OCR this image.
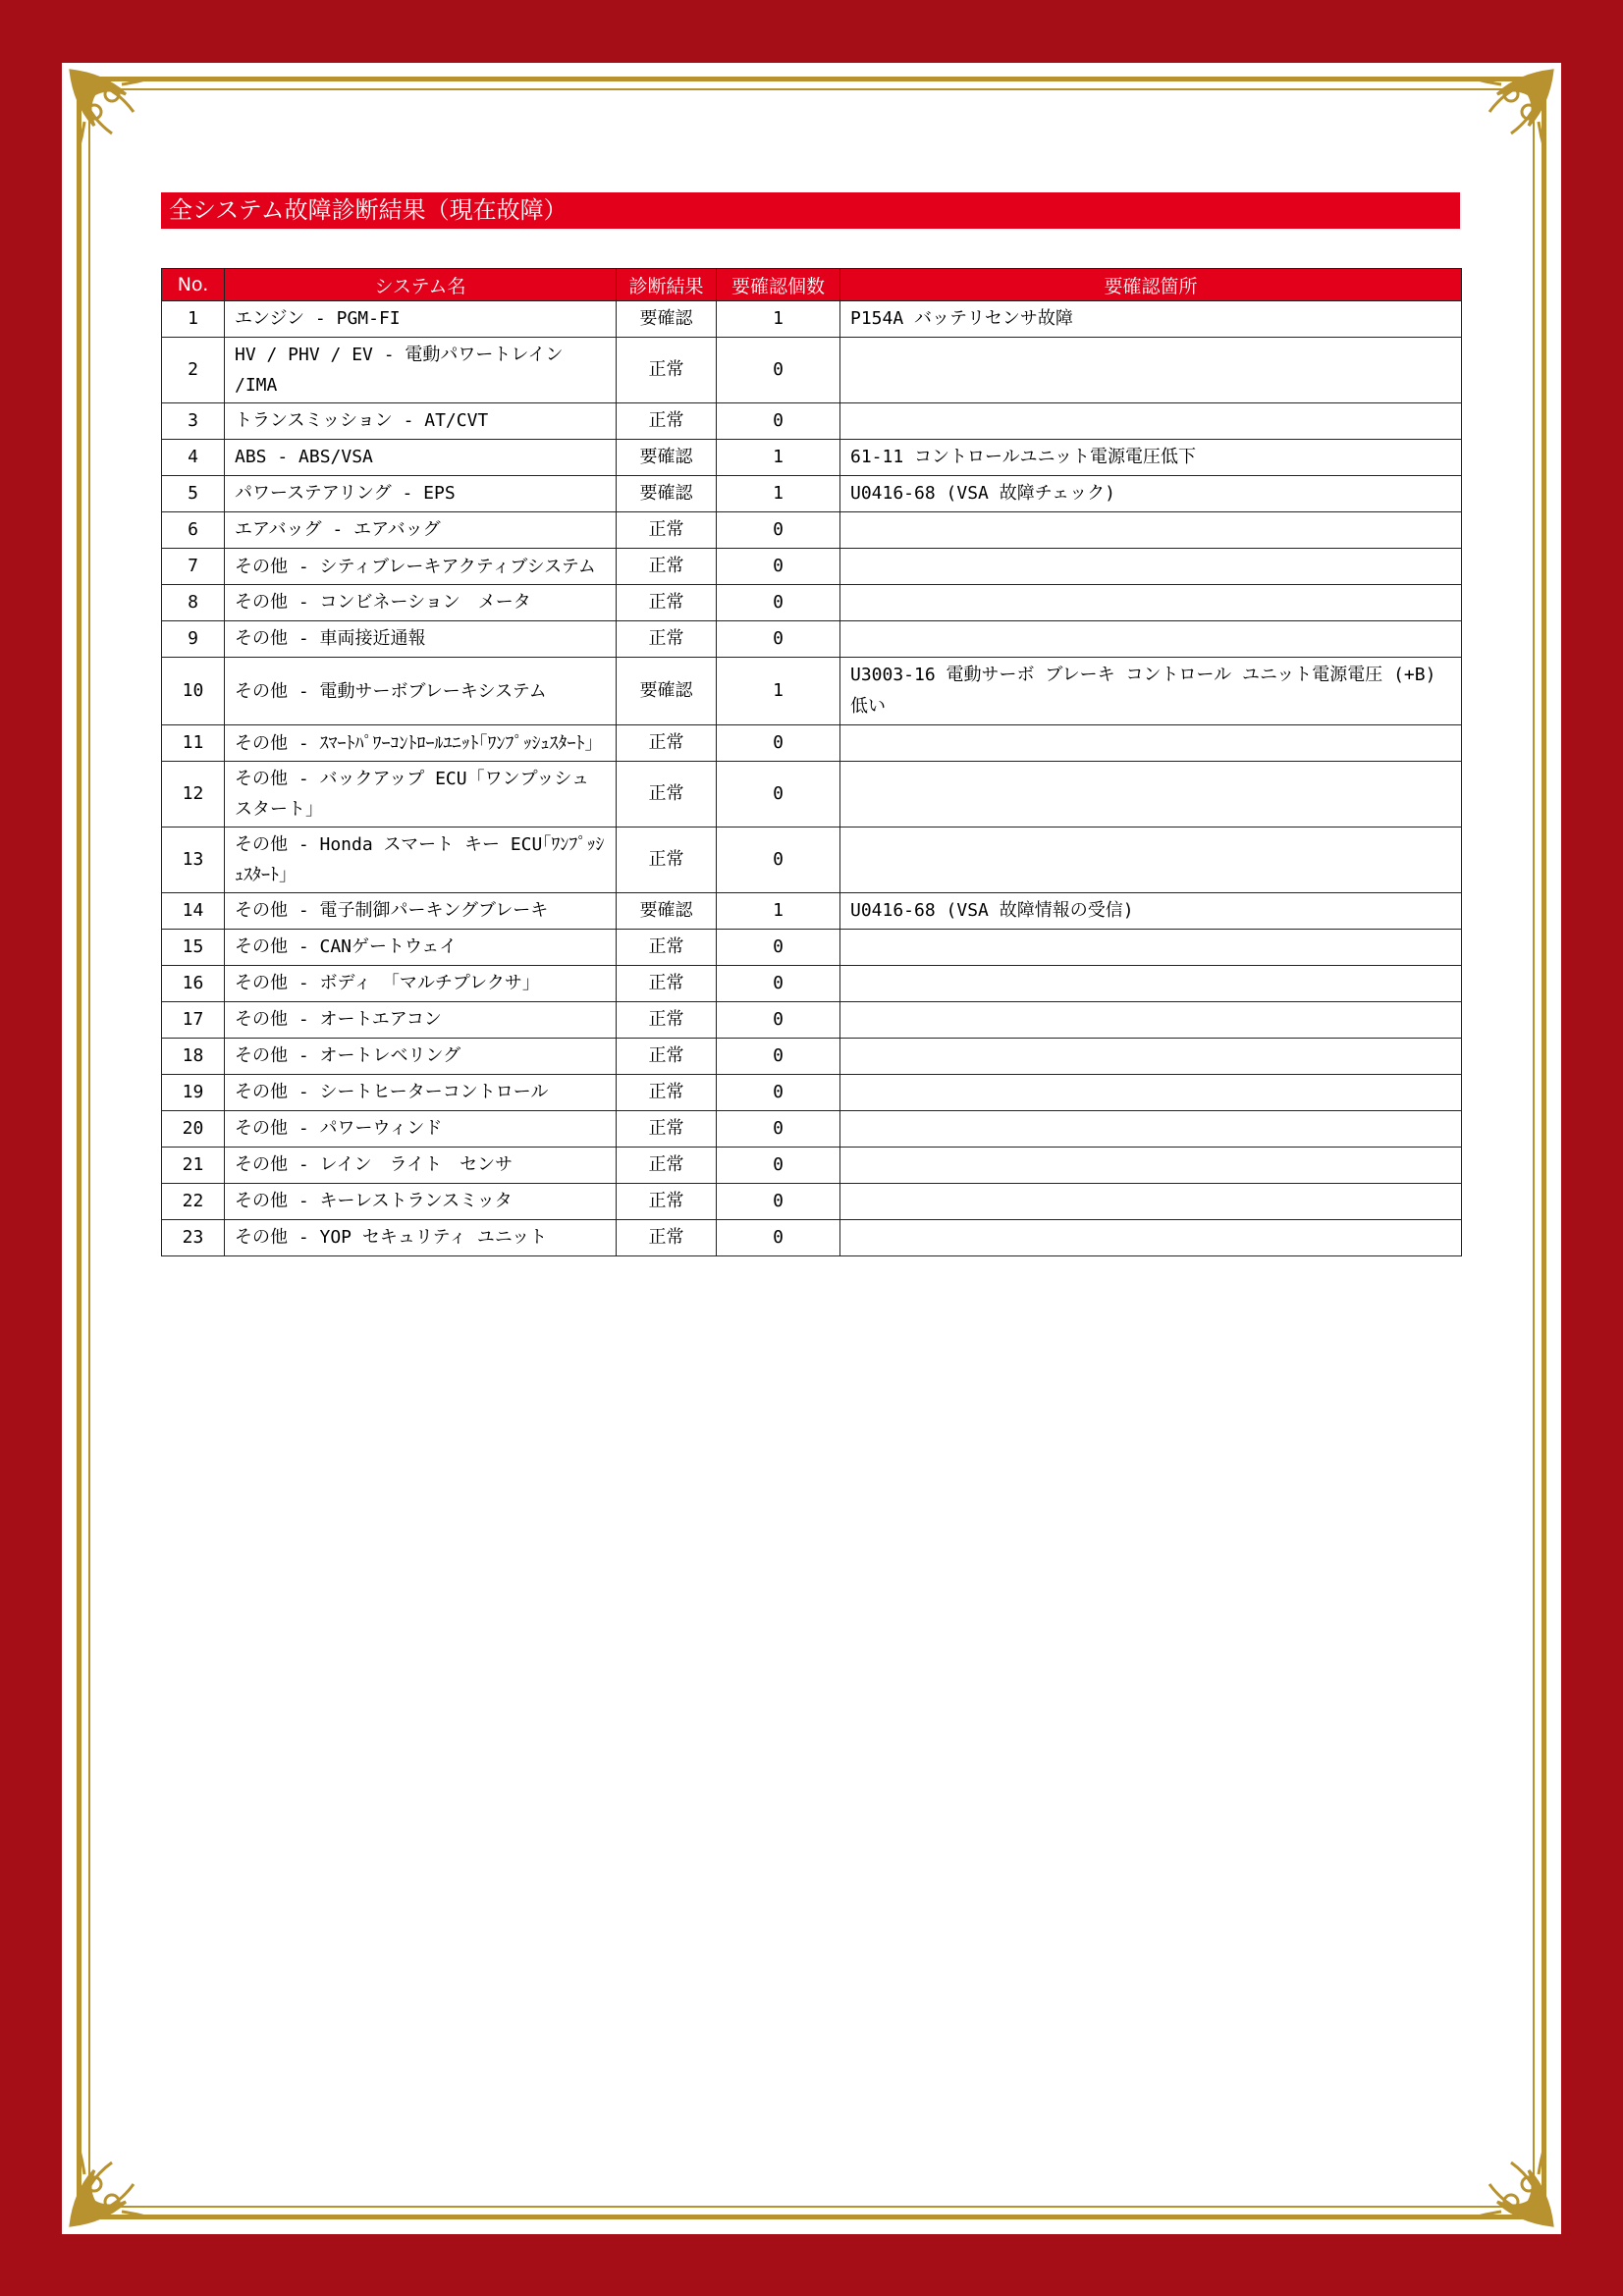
全システム故障診断結果（現在故障）
No.	システム名	診断結果	要確認個数	要確認箇所
1	エンジン - PGM-FI	要確認	1	P154A バッテリセンサ故障
2	HV / PHV / EV - 電動パワートレイン /IMA	正常	0	
3	トランスミッション - AT/CVT	正常	0	
4	ABS - ABS/VSA	要確認	1	61-11 コントロールユニット電源電圧低下
5	パワーステアリング - EPS	要確認	1	U0416-68 (VSA 故障チェック)
6	エアバッグ - エアバッグ	正常	0	
7	その他 - シティブレーキアクティブシステム	正常	0	
8	その他 - コンビネーション　メータ	正常	0	
9	その他 - 車両接近通報	正常	0	
10	その他 - 電動サーボブレーキシステム	要確認	1	U3003-16 電動サーボ ブレーキ コントロール ユニット電源電圧 (+B) 低い
11	その他 - ｽﾏｰﾄﾊﾟﾜｰｺﾝﾄﾛｰﾙﾕﾆｯﾄ｢ﾜﾝﾌﾟｯｼｭｽﾀｰﾄ｣	正常	0	
12	その他 - バックアップ ECU「ワンプッシュスタート」	正常	0	
13	その他 - Honda スマート キー ECU｢ﾜﾝﾌﾟｯｼｭｽﾀｰﾄ｣	正常	0	
14	その他 - 電子制御パーキングブレーキ	要確認	1	U0416-68 (VSA 故障情報の受信)
15	その他 - CANゲートウェイ	正常	0	
16	その他 - ボディ 「マルチプレクサ」	正常	0	
17	その他 - オートエアコン	正常	0	
18	その他 - オートレベリング	正常	0	
19	その他 - シートヒーターコントロール	正常	0	
20	その他 - パワーウィンド	正常	0	
21	その他 - レイン　ライト　センサ	正常	0	
22	その他 - キーレストランスミッタ	正常	0	
23	その他 - YOP セキュリティ ユニット	正常	0	
